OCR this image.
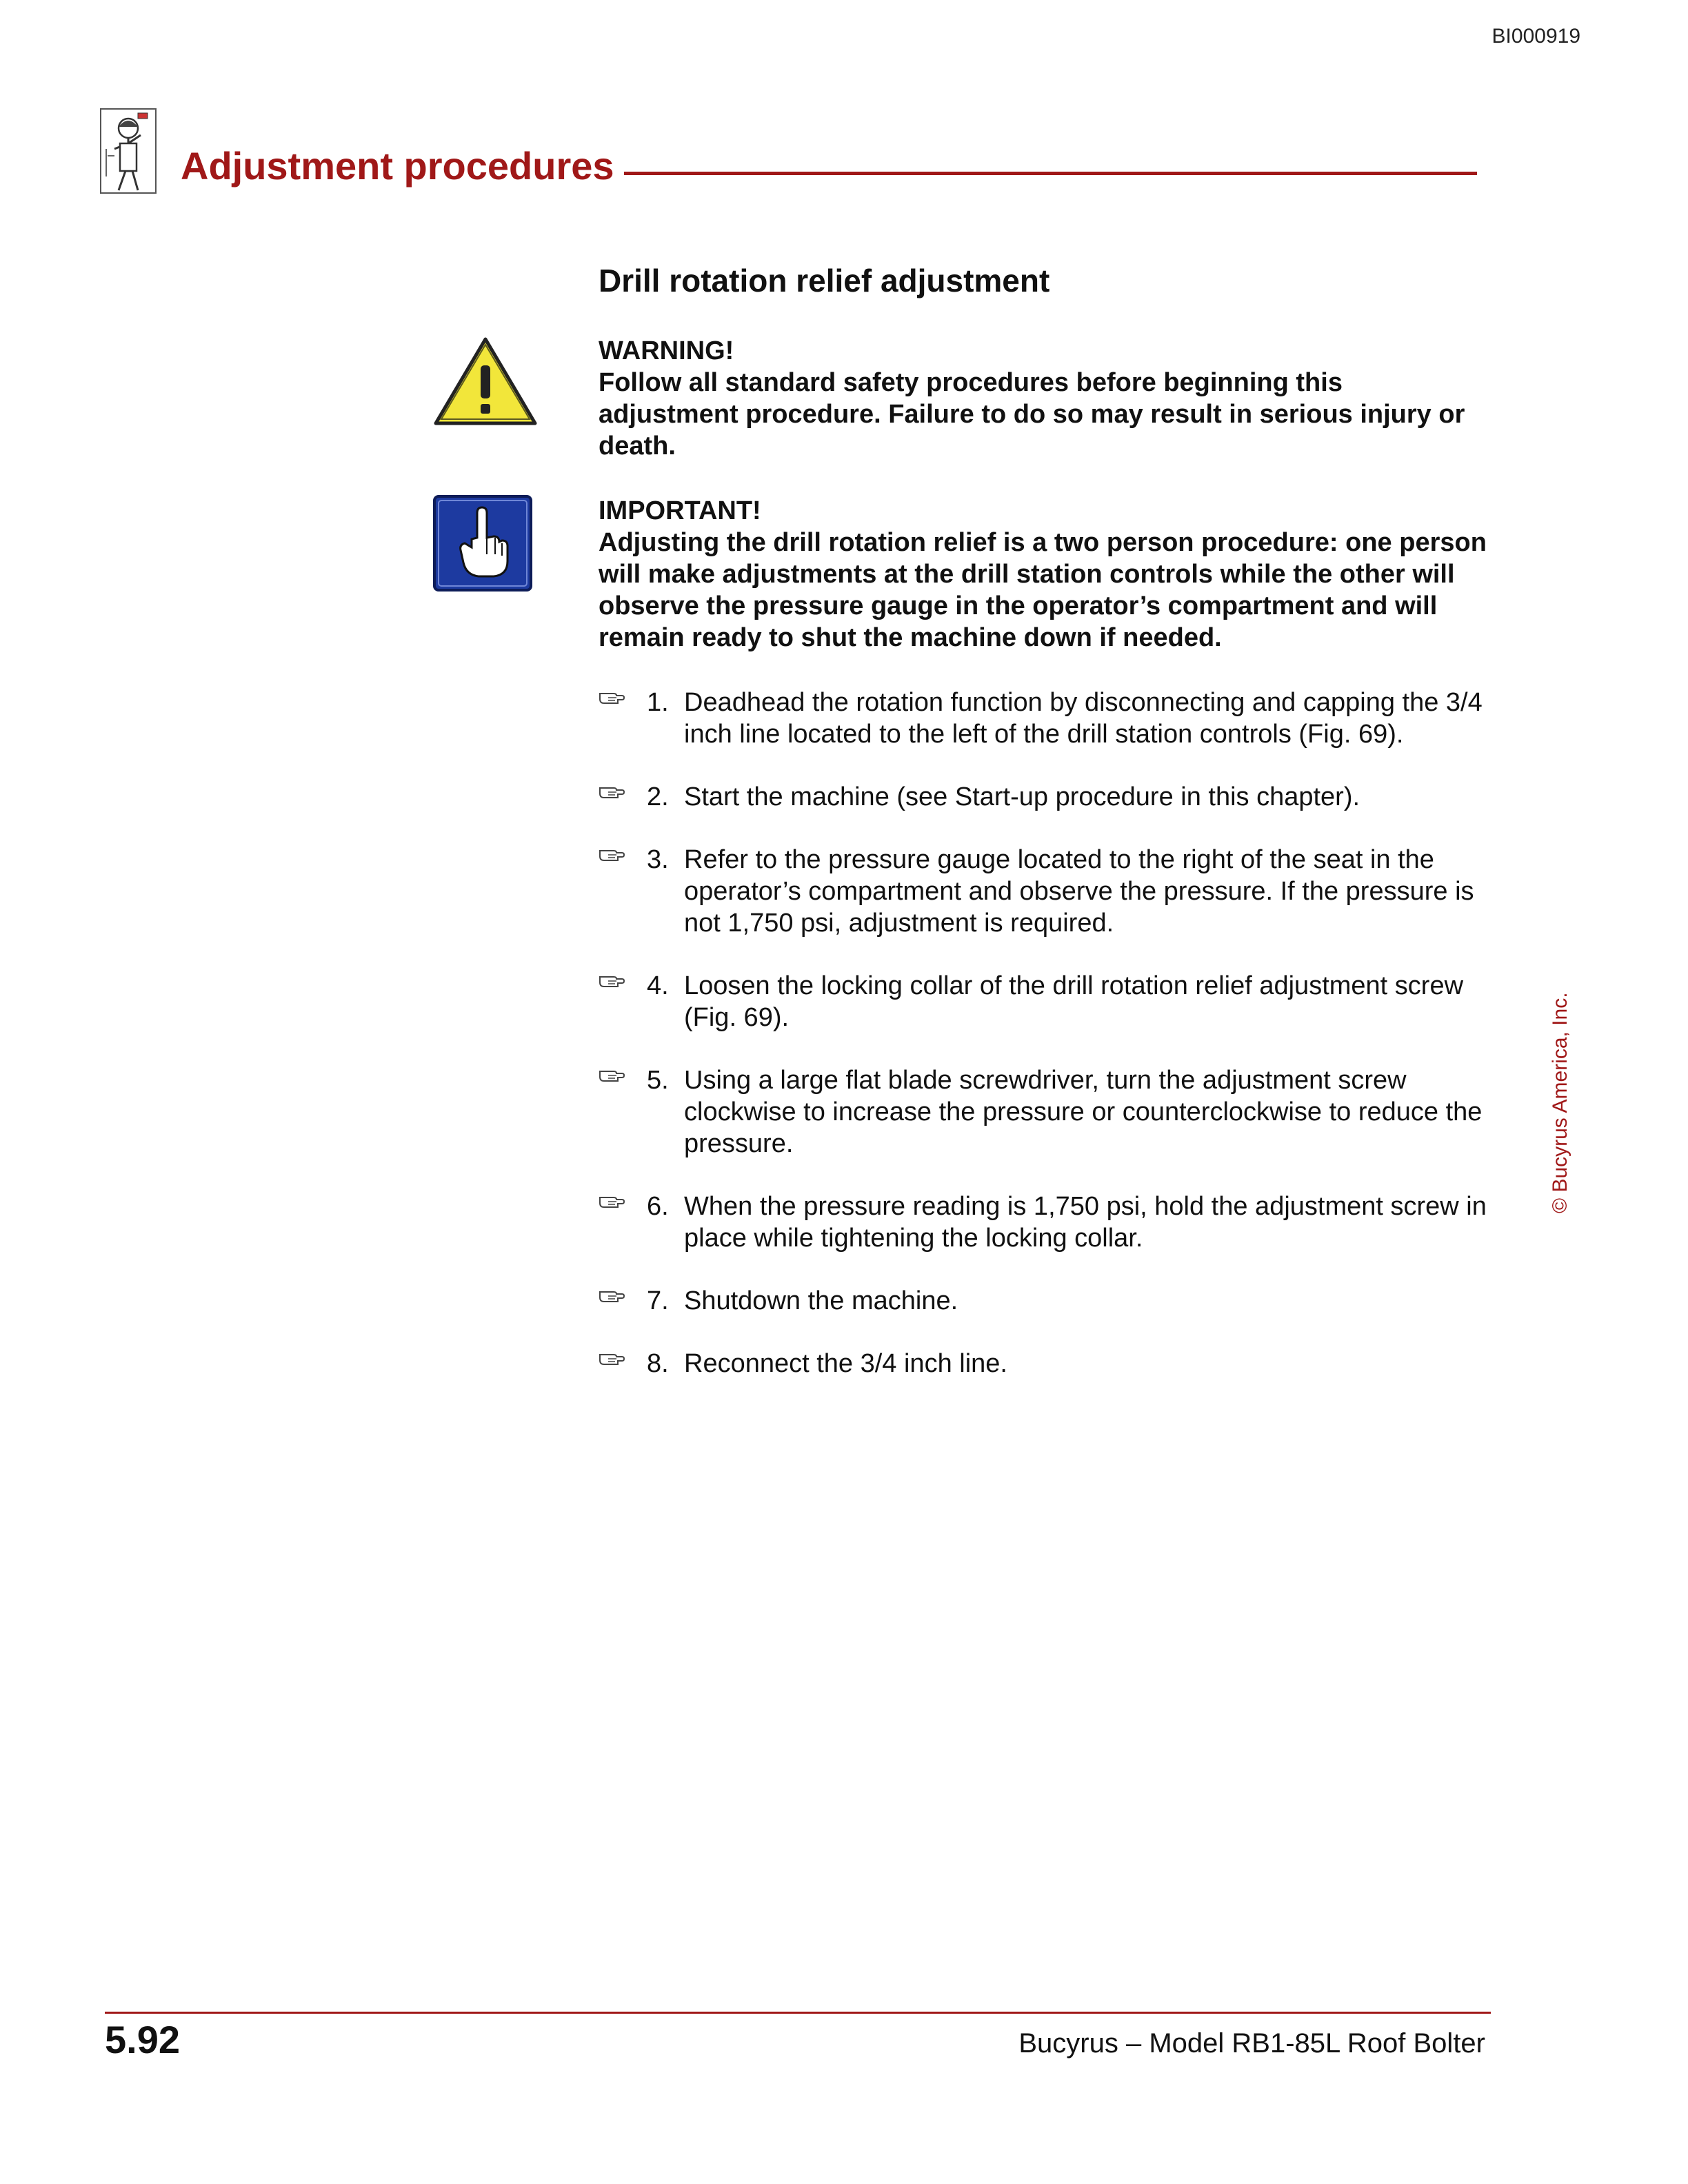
BI000919
Adjustment procedures
Drill rotation relief adjustment
WARNING!
Follow all standard safety procedures before beginning this adjustment procedure. Failure to do so may result in serious injury or death.
IMPORTANT!
Adjusting the drill rotation relief is a two person procedure: one person will make adjustments at the drill station controls while the other will observe the pressure gauge in the operator’s compartment and will remain ready to shut the machine down if needed.
1. Deadhead the rotation function by disconnecting and capping the 3/4 inch line located to the left of the drill station controls (Fig. 69).
2. Start the machine (see Start-up procedure in this chapter).
3. Refer to the pressure gauge located to the right of the seat in the operator’s compartment and observe the pressure. If the pressure is not 1,750 psi, adjustment is required.
4. Loosen the locking collar of the drill rotation relief adjustment screw (Fig. 69).
5. Using a large flat blade screwdriver, turn the adjustment screw clockwise to increase the pressure or counterclockwise to reduce the pressure.
6. When the pressure reading is 1,750 psi, hold the adjustment screw in place while tightening the locking collar.
7. Shutdown the machine.
8. Reconnect the 3/4 inch line.
© Bucyrus America, Inc.
5.92	Bucyrus – Model RB1-85L Roof Bolter
